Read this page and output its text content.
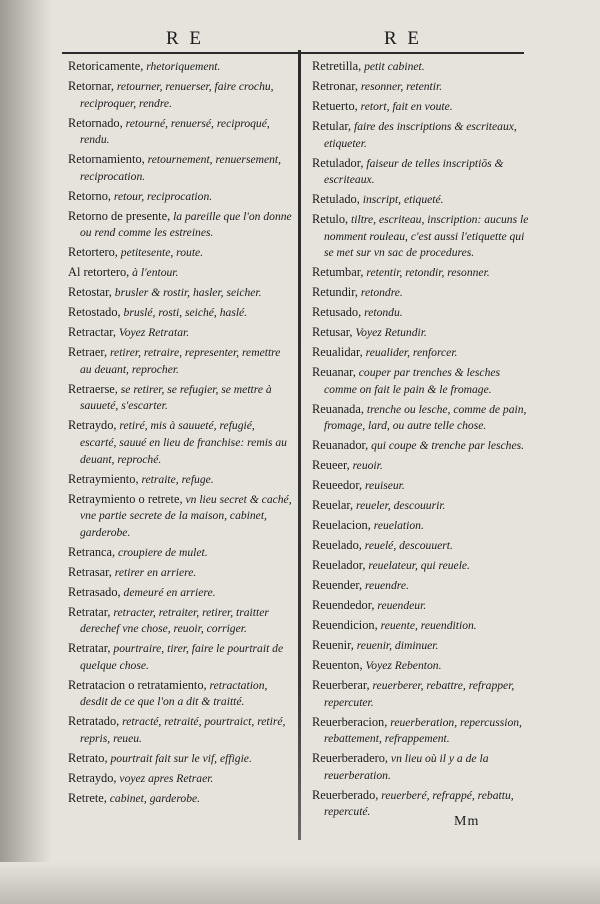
R E	R E
Retoricamente, rhetoriquement.
Retornar, retourner, renuerser, faire crochu, reciproquer, rendre.
Retornado, retourné, renuersé, reciproqué, rendu.
Retornamiento, retournement, renuersement, reciprocation.
Retorno, retour, reciprocation.
Retorno de presente, la pareille que l'on donne ou rend comme les estreines.
Retortero, petitesente, route.
Al retortero, à l'entour.
Retostar, brusler & rostir, hasler, seicher.
Retostado, bruslé, rosti, seiché, haslé.
Retractar, Voyez Retratar.
Retraer, retirer, retraire, representer, remettre au deuant, reprocher.
Retraerse, se retirer, se refugier, se mettre à sauueté, s'escarter.
Retraydo, retiré, mis à sauueté, refugié, escarté, sauué en lieu de franchise: remis au deuant, reproché.
Retraymiento, retraite, refuge.
Retraymiento o retrete, vn lieu secret & caché, vne partie secrete de la maison, cabinet, garderobe.
Retranca, croupiere de mulet.
Retrasar, retirer en arriere.
Retrasado, demeuré en arriere.
Retratar, retracter, retraiter, retirer, traitter derechef vne chose, reuoir, corriger.
Retratar, pourtraire, tirer, faire le pourtrait de quelque chose.
Retratacion o retratamiento, retractation, desdit de ce que l'on a dit & traitté.
Retratado, retracté, retraité, pourtraict, retiré, repris, reueu.
Retrato, pourtrait fait sur le vif, effigie.
Retraydo, voyez apres Retraer.
Retrete, cabinet, garderobe.
Retretilla, petit cabinet.
Retronar, resonner, retentir.
Retuerto, retort, fait en voute.
Retular, faire des inscriptions & escriteaux, etiqueter.
Retulador, faiseur de telles inscriptiōs & escriteaux.
Retulado, inscript, etiqueté.
Retulo, tiltre, escriteau, inscription: aucuns le nomment rouleau, c'est aussi l'etiquette qui se met sur vn sac de procedures.
Retumbar, retentir, retondir, resonner.
Retundir, retondre.
Retusado, retondu.
Retusar, Voyez Retundir.
Reualidar, reualider, renforcer.
Reuanar, couper par trenches & lesches comme on fait le pain & le fromage.
Reuanada, trenche ou lesche, comme de pain, fromage, lard, ou autre telle chose.
Reuanador, qui coupe & trenche par lesches.
Reueer, reuoir.
Reueedor, reuiseur.
Reuelar, reueler, descouurir.
Reuelacion, reuelation.
Reuelado, reuelé, descouuert.
Reuelador, reuelateur, qui reuele.
Reuender, reuendre.
Reuendedor, reuendeur.
Reuendicion, reuente, reuendition.
Reuenir, reuenir, diminuer.
Reuenton, Voyez Rebenton.
Reuerberar, reuerberer, rebattre, refrapper, repercuter.
Reuerberacion, reuerberation, repercussion, rebattement, refrappement.
Reuerberadero, vn lieu où il y a de la reuerberation.
Reuerberado, reuerberé, refrappé, rebattu, repercuté.
Mm
